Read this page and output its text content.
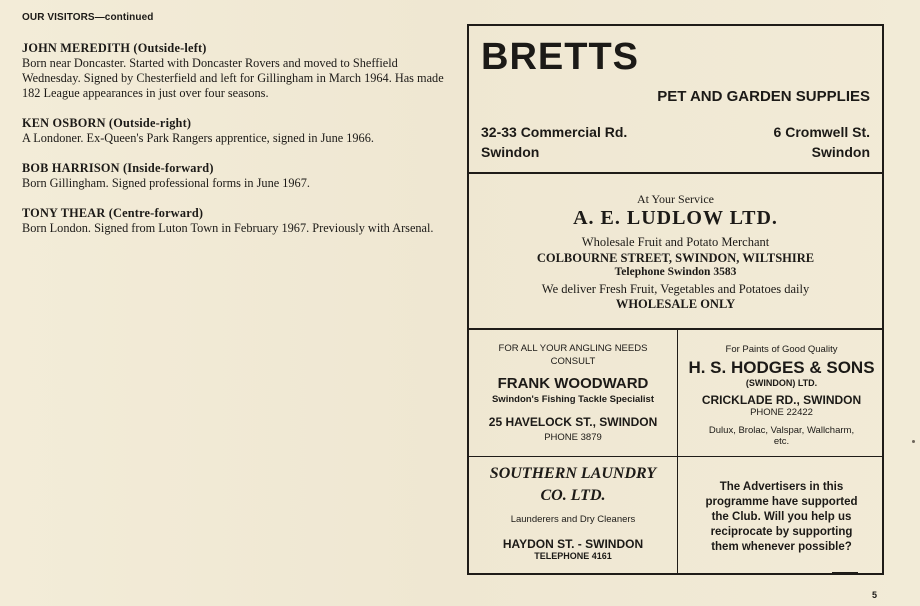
OUR VISITORS—continued
JOHN MEREDITH (Outside-left)

Born near Doncaster. Started with Doncaster Rovers and moved to Sheffield Wednesday. Signed by Chesterfield and left for Gillingham in March 1964. Has made 182 League appearances in just over four seasons.

KEN OSBORN (Outside-right)

A Londoner. Ex-Queen's Park Rangers apprentice, signed in June 1966.

BOB HARRISON (Inside-forward)

Born Gillingham. Signed professional forms in June 1967.

TONY THEAR (Centre-forward)

Born London. Signed from Luton Town in February 1967. Previously with Arsenal.

BRETTS
PET AND GARDEN SUPPLIES
32-33 Commercial Rd.
Swindon
6 Cromwell St.
Swindon
At Your Service
A. E. LUDLOW LTD.
Wholesale Fruit and Potato Merchant
COLBOURNE STREET, SWINDON, WILTSHIRE
Telephone Swindon 3583
We deliver Fresh Fruit, Vegetables and Potatoes daily
WHOLESALE ONLY
FOR ALL YOUR ANGLING NEEDS
CONSULT
FRANK WOODWARD
Swindon's Fishing Tackle Specialist
25 HAVELOCK ST., SWINDON
PHONE 3879
For Paints of Good Quality
H. S. HODGES & SONS
(SWINDON) LTD.
CRICKLADE RD., SWINDON
PHONE 22422
Dulux, Brolac, Valspar, Wallcharm,
etc.
SOUTHERN LAUNDRY
CO. LTD.
Launderers and Dry Cleaners
HAYDON ST. - SWINDON
TELEPHONE 4161
The Advertisers in this
programme have supported
the Club. Will you help us
reciprocate by supporting
them whenever possible?
5
